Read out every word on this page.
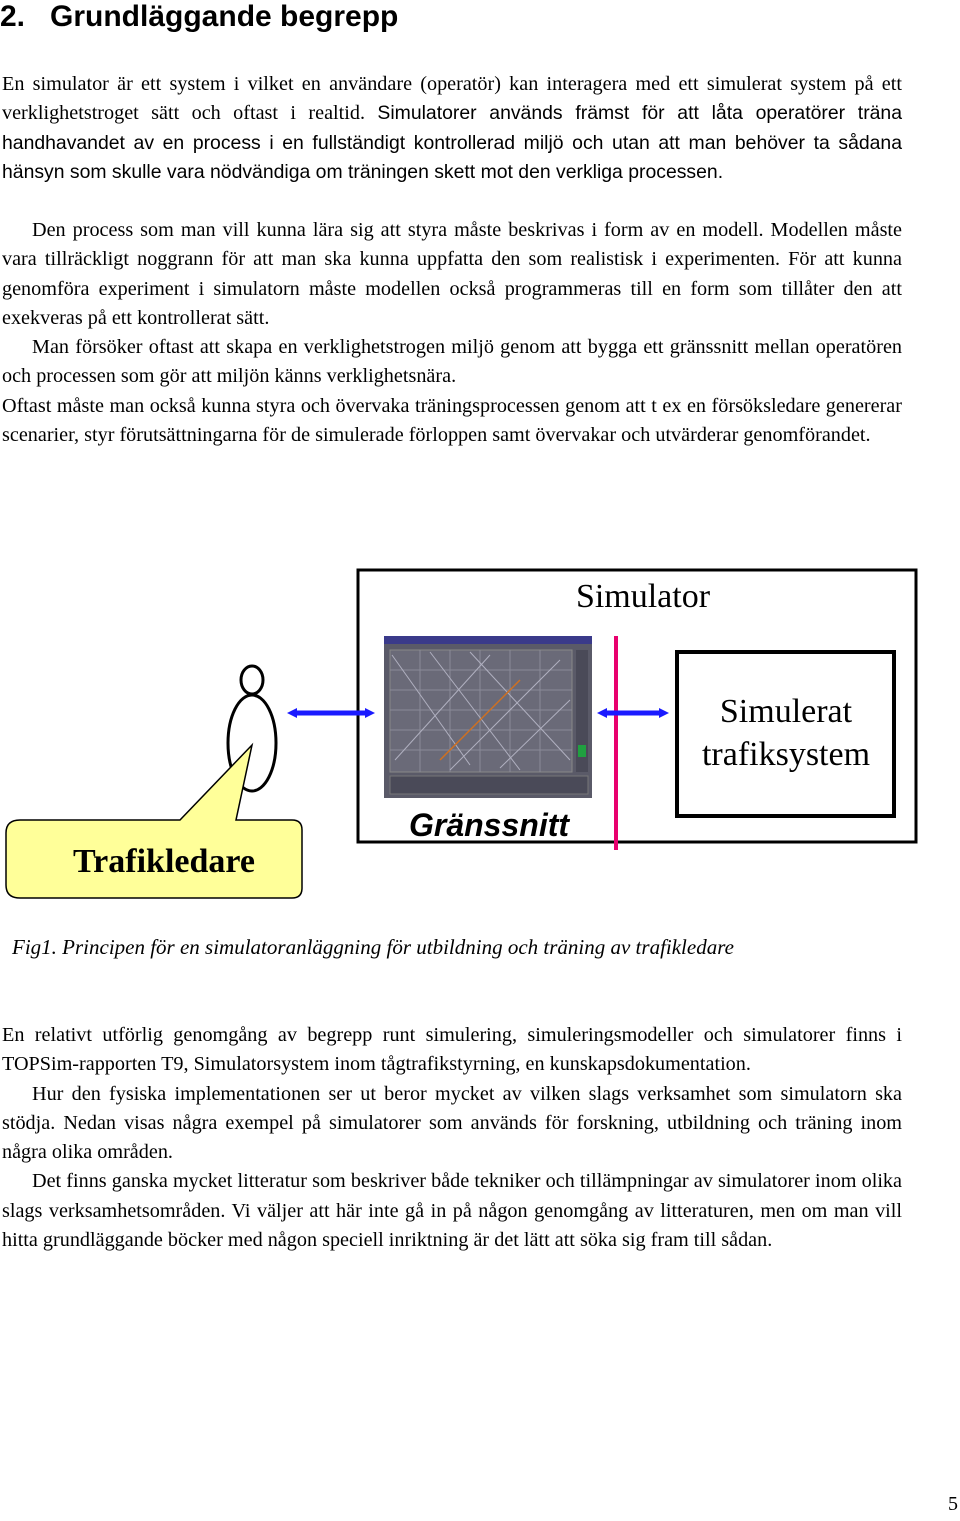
2.   Grundläggande begrepp
En simulator är ett system i vilket en användare (operatör) kan interagera med ett simulerat system på ett verklighetstroget sätt och oftast i realtid. Simulatorer används främst för att låta operatörer träna handhavandet av en process i en fullständigt kontrollerad miljö och utan att man behöver ta sådana hänsyn som skulle vara nödvändiga om träningen skett mot den verkliga processen.
Den process som man vill kunna lära sig att styra måste beskrivas i form av en modell. Modellen måste vara tillräckligt noggrann för att man ska kunna uppfatta den som realistisk i experimenten. För att kunna genomföra experiment i simulatorn måste modellen också programmeras till en form som tillåter den att exekveras på ett kontrollerat sätt.
Man försöker oftast att skapa en verklighetstrogen miljö genom att bygga ett gränssnitt mellan operatören och processen som gör att miljön känns verklighetsnära.
Oftast måste man också kunna styra och övervaka träningsprocessen genom att t ex en försöksledare genererar scenarier, styr förutsättningarna för de simulerade förloppen samt övervakar och utvärderar genomförandet.
Simulator
Simulerat
trafiksystem
Gränssnitt
Trafikledare

Fig1. Principen för en simulatoranläggning för utbildning och träning av trafikledare

En relativt utförlig genomgång av begrepp runt simulering, simuleringsmodeller och simulatorer finns i TOPSim-rapporten T9, Simulatorsystem inom tågtrafikstyrning, en kunskapsdokumentation.
Hur den fysiska implementationen ser ut beror mycket av vilken slags verksamhet som simulatorn ska stödja. Nedan visas några exempel på simulatorer som används för forskning, utbildning och träning inom några olika områden.
Det finns ganska mycket litteratur som beskriver både tekniker och tillämpningar av simulatorer inom olika slags verksamhetsområden. Vi väljer att här inte gå in på någon genomgång av litteraturen, men om man vill hitta grundläggande böcker med någon speciell inriktning är det lätt att söka sig fram till sådan.
5
